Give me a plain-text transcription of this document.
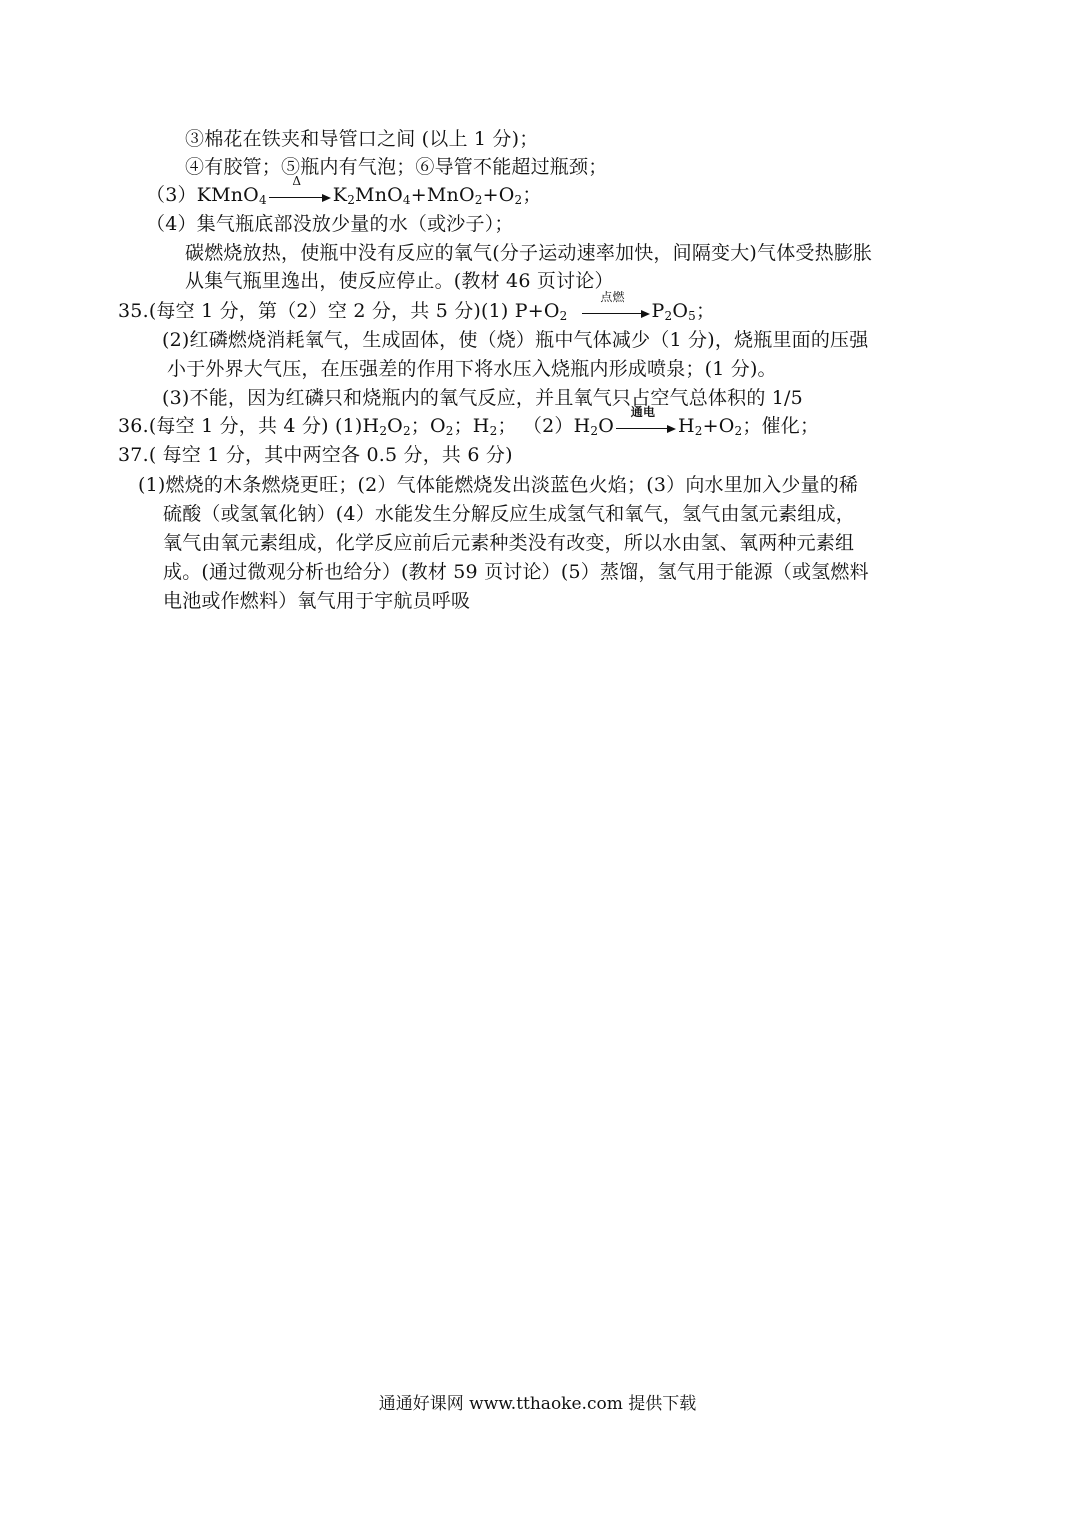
③棉花在铁夹和导管口之间 (以上 1 分)；
④有胶管；⑤瓶内有气泡；⑥导管不能超过瓶颈；
（3）KMnO$_4$
Δ
$K_2MnO_4+MnO_2+O_2$；
（4）集气瓶底部没放少量的水（或沙子）；
碳燃烧放热，使瓶中没有反应的氧气(分子运动速率加快，间隔变大)气体受热膨胀
从集气瓶里逸出，使反应停止。(教材 46 页讨论）
35.(每空 1 分，第（2）空 2 分，共 5 分)(1) $P+O_2$
点燃
$P_2O_5$；
(2)红磷燃烧消耗氧气，生成固体，使（烧）瓶中气体减少（1 分)，烧瓶里面的压强
小于外界大气压，在压强差的作用下将水压入烧瓶内形成喷泉；(1 分)。
(3)不能，因为红磷只和烧瓶内的氧气反应，并且氧气只占空气总体积的 1/5
36.(每空 1 分，共 4 分) $(1)H_2O_2$；$O_2$；$H_2$； $(2)H_2O$
通电
$H_2+O_2$；催化；
37.( 每空 1 分，其中两空各 0.5 分，共 6 分)
(1)燃烧的木条燃烧更旺；(2）气体能燃烧发出淡蓝色火焰；(3）向水里加入少量的稀
硫酸（或氢氧化钠）(4）水能发生分解反应生成氢气和氧气，氢气由氢元素组成，
氧气由氧元素组成，化学反应前后元素种类没有改变，所以水由氢、氧两种元素组
成。(通过微观分析也给分）(教材 59 页讨论）(5）蒸馏，氢气用于能源（或氢燃料
电池或作燃料）氧气用于宇航员呼吸
通通好课网 www.tthaoke.com 提供下载
